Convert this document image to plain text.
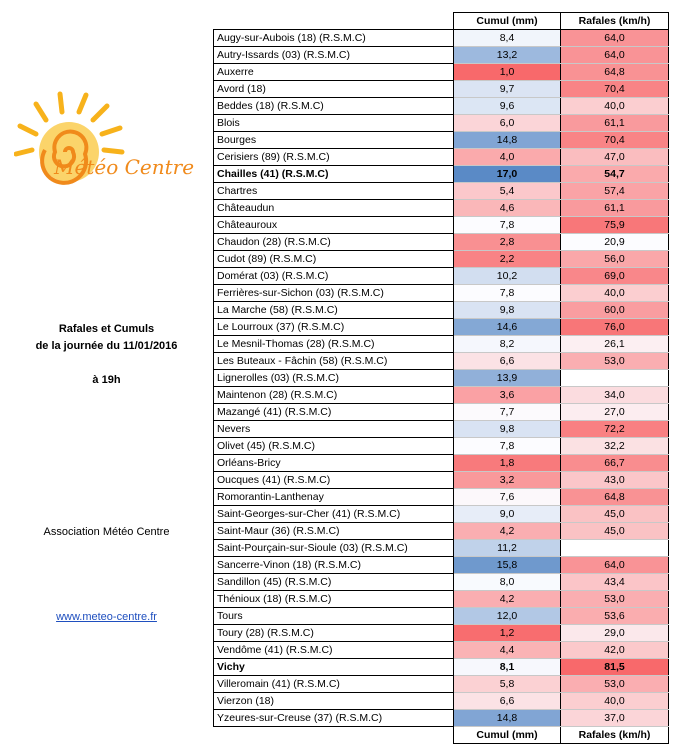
Météo Centre
Rafales et Cumuls
de la journée du 11/01/2016
à 19h
Association Météo Centre
www.meteo-centre.fr
	Cumul (mm)	Rafales (km/h)
Augy-sur-Aubois (18) (R.S.M.C)	8,4	64,0
Autry-Issards (03) (R.S.M.C)	13,2	64,0
Auxerre	1,0	64,8
Avord (18)	9,7	70,4
Beddes (18) (R.S.M.C)	9,6	40,0
Blois	6,0	61,1
Bourges	14,8	70,4
Cerisiers (89) (R.S.M.C)	4,0	47,0
Chailles (41) (R.S.M.C)	17,0	54,7
Chartres	5,4	57,4
Châteaudun	4,6	61,1
Châteauroux	7,8	75,9
Chaudon (28) (R.S.M.C)	2,8	20,9
Cudot (89) (R.S.M.C)	2,2	56,0
Domérat (03) (R.S.M.C)	10,2	69,0
Ferrières-sur-Sichon (03) (R.S.M.C)	7,8	40,0
La Marche (58) (R.S.M.C)	9,8	60,0
Le Lourroux (37) (R.S.M.C)	14,6	76,0
Le Mesnil-Thomas (28) (R.S.M.C)	8,2	26,1
Les Buteaux - Fâchin (58) (R.S.M.C)	6,6	53,0
Lignerolles (03) (R.S.M.C)	13,9	
Maintenon (28) (R.S.M.C)	3,6	34,0
Mazangé (41) (R.S.M.C)	7,7	27,0
Nevers	9,8	72,2
Olivet (45) (R.S.M.C)	7,8	32,2
Orléans-Bricy	1,8	66,7
Oucques (41) (R.S.M.C)	3,2	43,0
Romorantin-Lanthenay	7,6	64,8
Saint-Georges-sur-Cher (41) (R.S.M.C)	9,0	45,0
Saint-Maur (36) (R.S.M.C)	4,2	45,0
Saint-Pourçain-sur-Sioule (03) (R.S.M.C)	11,2	
Sancerre-Vinon (18) (R.S.M.C)	15,8	64,0
Sandillon (45) (R.S.M.C)	8,0	43,4
Thénioux (18) (R.S.M.C)	4,2	53,0
Tours	12,0	53,6
Toury (28) (R.S.M.C)	1,2	29,0
Vendôme (41) (R.S.M.C)	4,4	42,0
Vichy	8,1	81,5
Villeromain (41) (R.S.M.C)	5,8	53,0
Vierzon (18)	6,6	40,0
Yzeures-sur-Creuse (37) (R.S.M.C)	14,8	37,0
	Cumul (mm)	Rafales (km/h)
